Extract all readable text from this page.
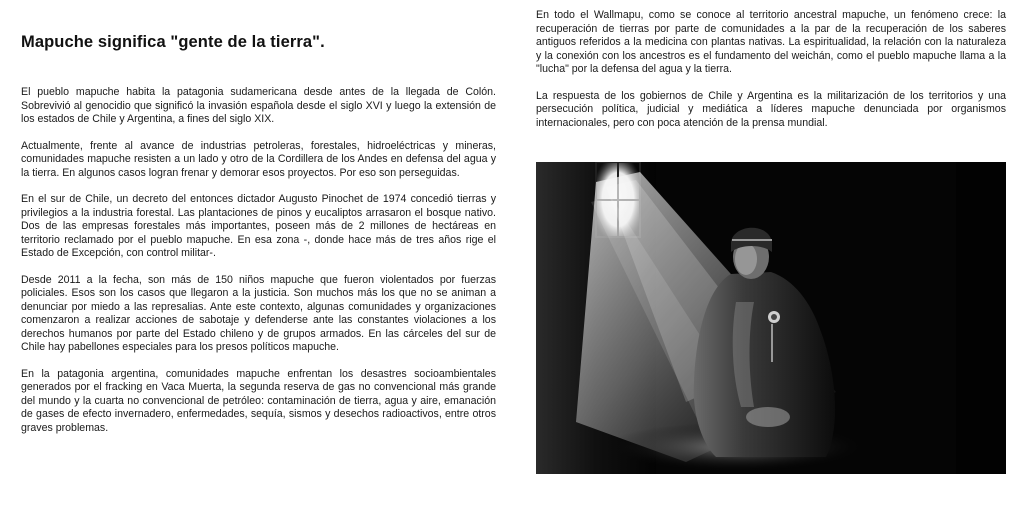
Mapuche significa "gente de la tierra".

El pueblo mapuche habita la patagonia sudamericana desde antes de la llegada de Colón. Sobrevivió al genocidio que significó la invasión española desde el siglo XVI y luego la extensión de los estados de Chile y Argentina, a fines del siglo XIX.

Actualmente, frente al avance de industrias petroleras, forestales, hidroeléctricas y mineras, comunidades mapuche resisten a un lado y otro de la Cordillera de los Andes en defensa del agua y la tierra. En algunos casos logran frenar y demorar esos proyectos. Por eso son perseguidas.

En el sur de Chile, un decreto del entonces dictador Augusto Pinochet de 1974 concedió tierras y privilegios a la industria forestal. Las plantaciones de pinos y eucaliptos arrasaron el bosque nativo. Dos de las empresas forestales más importantes, poseen más de 2 millones de hectáreas en territorio reclamado por el pueblo mapuche. En esa zona -, donde hace más de tres años rige el Estado de Excepción, con control militar-.

Desde 2011 a la fecha, son más de 150 niños mapuche que fueron violentados por fuerzas policiales. Esos son los casos que llegaron a la justicia. Son muchos más los que no se animan a denunciar por miedo a las represalias. Ante este contexto, algunas comunidades y organizaciones comenzaron a realizar acciones de sabotaje y defenderse ante las constantes violaciones a los derechos humanos por parte del Estado chileno y de grupos armados. En las cárceles del sur de Chile hay pabellones especiales para los presos políticos mapuche.

En la patagonia argentina, comunidades mapuche enfrentan los desastres socioambientales generados por el fracking en Vaca Muerta, la segunda reserva de gas no convencional más grande del mundo y la cuarta no convencional de petróleo: contaminación de tierra, agua y aire, emanación de gases de efecto invernadero, enfermedades, sequía, sismos y desechos radioactivos, entre otros graves problemas.

En todo el Wallmapu, como se conoce al territorio ancestral mapuche, un fenómeno crece: la recuperación de tierras por parte de comunidades a la par de la recuperación de los saberes antiguos referidos a la medicina con plantas nativas. La espiritualidad, la relación con la naturaleza y la conexión con los ancestros es el fundamento del weichán, como el pueblo mapuche llama a la "lucha" por la defensa del agua y la tierra.

La respuesta de los gobiernos de Chile y Argentina es la militarización de los territorios y una persecución política, judicial y mediática a líderes mapuche denunciada por organismos internacionales, pero con poca atención de la prensa mundial.
